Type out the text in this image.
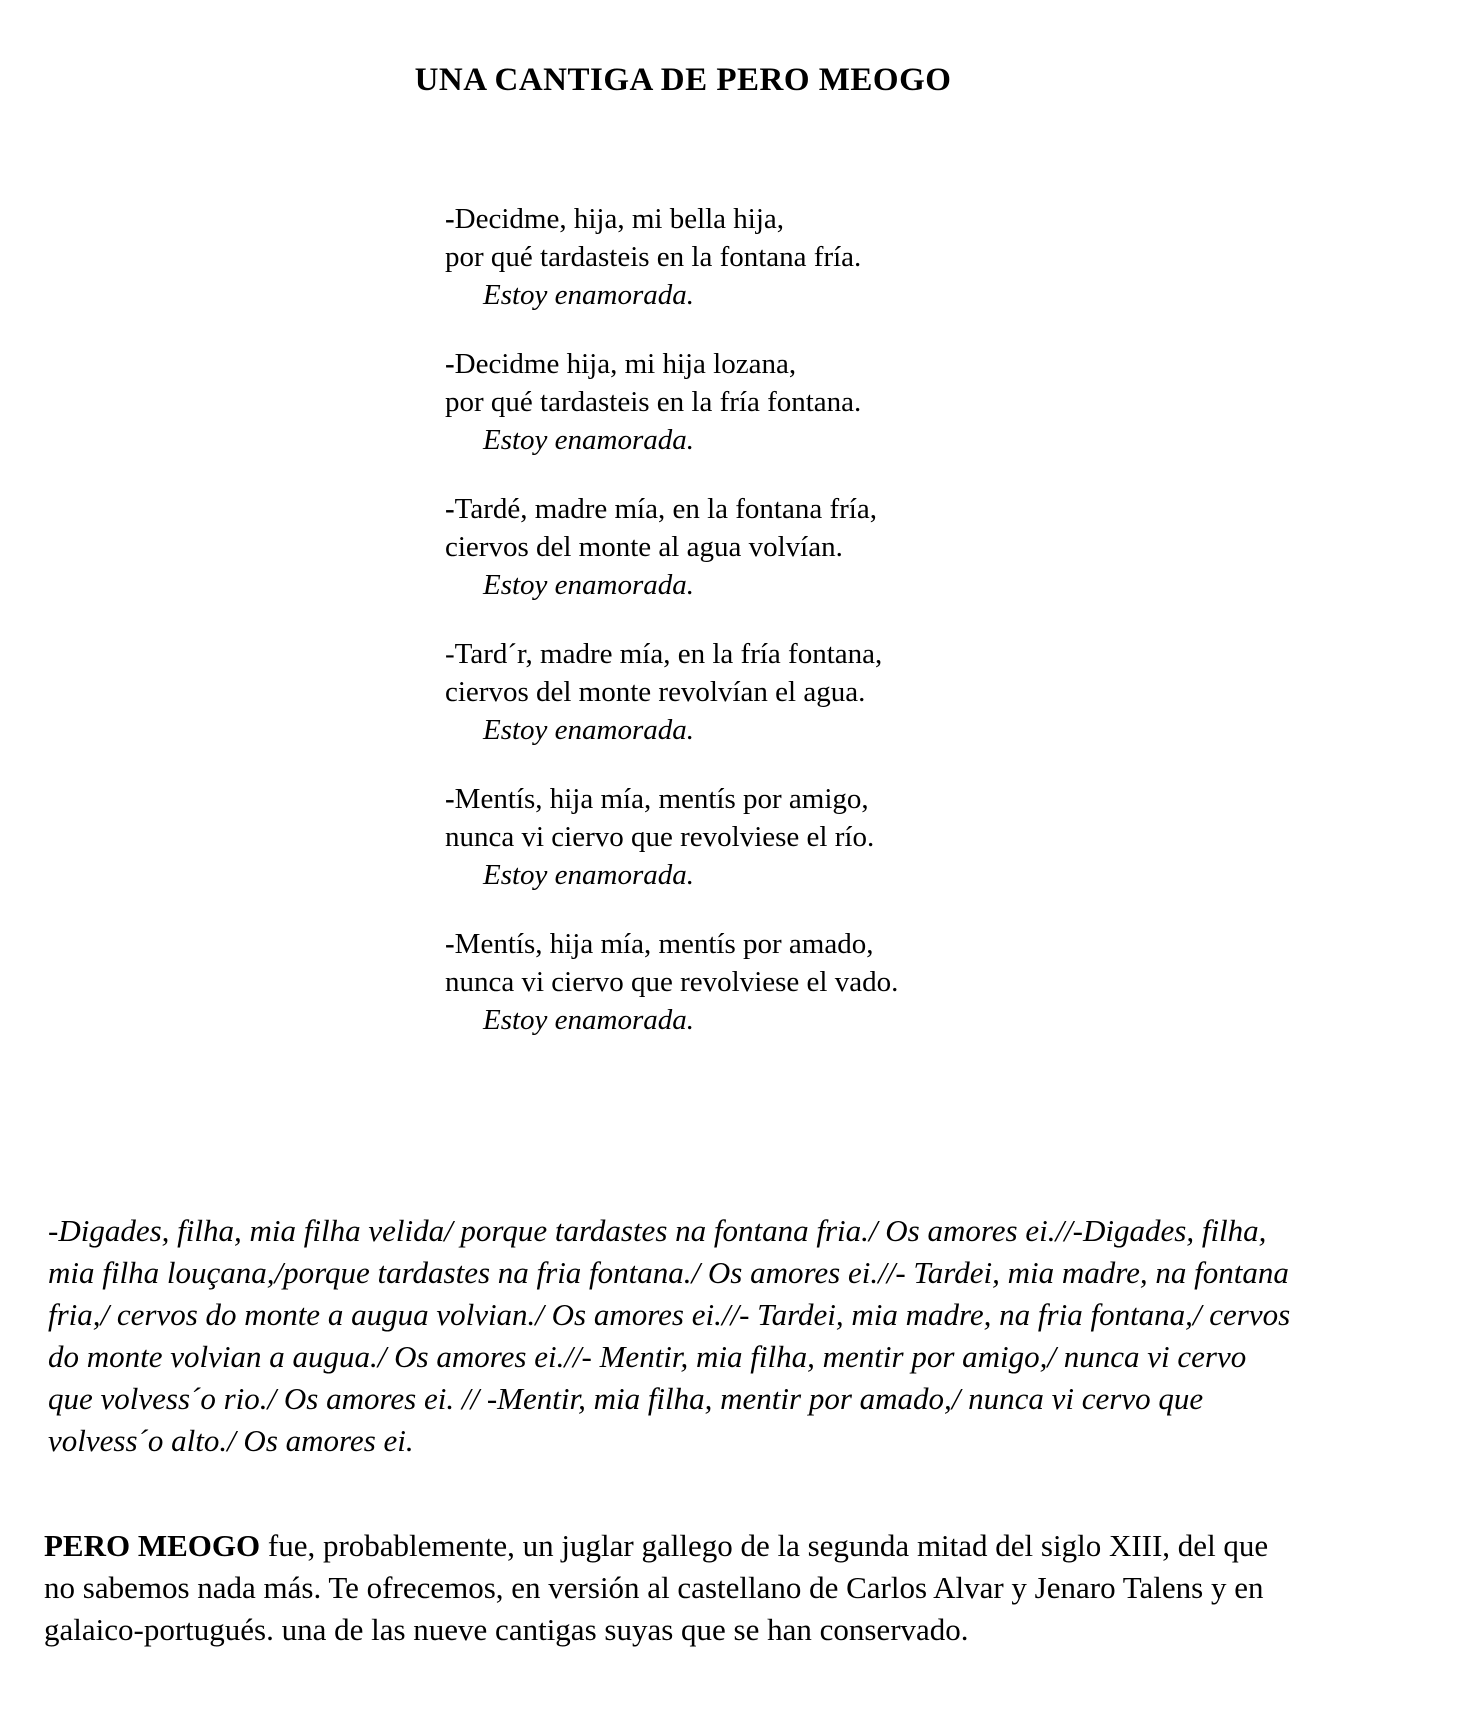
UNA CANTIGA DE PERO MEOGO
-Decidme, hija, mi bella hija,
por qué tardasteis en la fontana fría.
Estoy enamorada.
-Decidme hija, mi hija lozana,
por qué tardasteis en la fría fontana.
Estoy enamorada.
-Tardé, madre mía, en la fontana fría,
ciervos del monte al agua volvían.
Estoy enamorada.
-Tard´r, madre mía, en la fría fontana,
ciervos del monte revolvían el agua.
Estoy enamorada.
-Mentís, hija mía, mentís por amigo,
nunca vi ciervo que revolviese el río.
Estoy enamorada.
-Mentís, hija mía, mentís por amado,
nunca vi ciervo que revolviese el vado.
Estoy enamorada.
-Digades, filha, mia filha velida/ porque tardastes na fontana fria./ Os amores ei.//-Digades, filha,
mia filha louçana,/porque tardastes na fria fontana./ Os amores ei.//- Tardei, mia madre, na fontana
fria,/ cervos do monte a augua volvian./ Os amores ei.//- Tardei, mia madre, na fria fontana,/ cervos
do monte volvian a augua./ Os amores ei.//- Mentir, mia filha, mentir por amigo,/ nunca vi cervo
que volvess´o rio./ Os amores ei. // -Mentir, mia filha, mentir por amado,/ nunca vi cervo que
volvess´o alto./ Os amores ei.
PERO MEOGO fue, probablemente, un juglar gallego de la segunda mitad del siglo XIII, del que
no sabemos nada más. Te ofrecemos, en versión al castellano de Carlos Alvar y Jenaro Talens y en
galaico-portugués. una de las nueve cantigas suyas que se han conservado.
